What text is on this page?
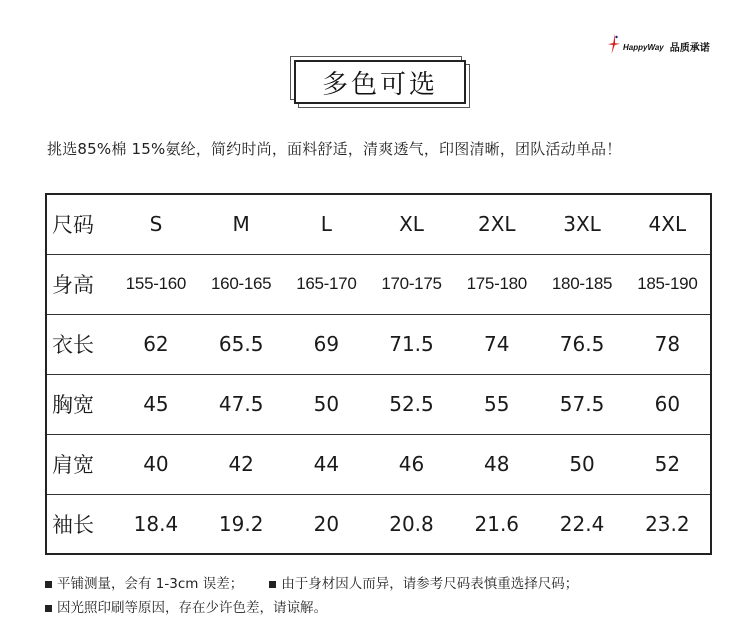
HappyWay 品质承诺
多色可选
挑选85%棉 15%氨纶，简约时尚，面料舒适，清爽透气，印图清晰，团队活动单品！
尺码	S	M	L	XL	2XL	3XL	4XL
身高	155-160	160-165	165-170	170-175	175-180	180-185	185-190
衣长	62	65.5	69	71.5	74	76.5	78
胸宽	45	47.5	50	52.5	55	57.5	60
肩宽	40	42	44	46	48	50	52
袖长	18.4	19.2	20	20.8	21.6	22.4	23.2
平铺测量，会有 1-3cm 误差；	由于身材因人而异，请参考尺码表慎重选择尺码；
因光照印刷等原因，存在少许色差，请谅解。
